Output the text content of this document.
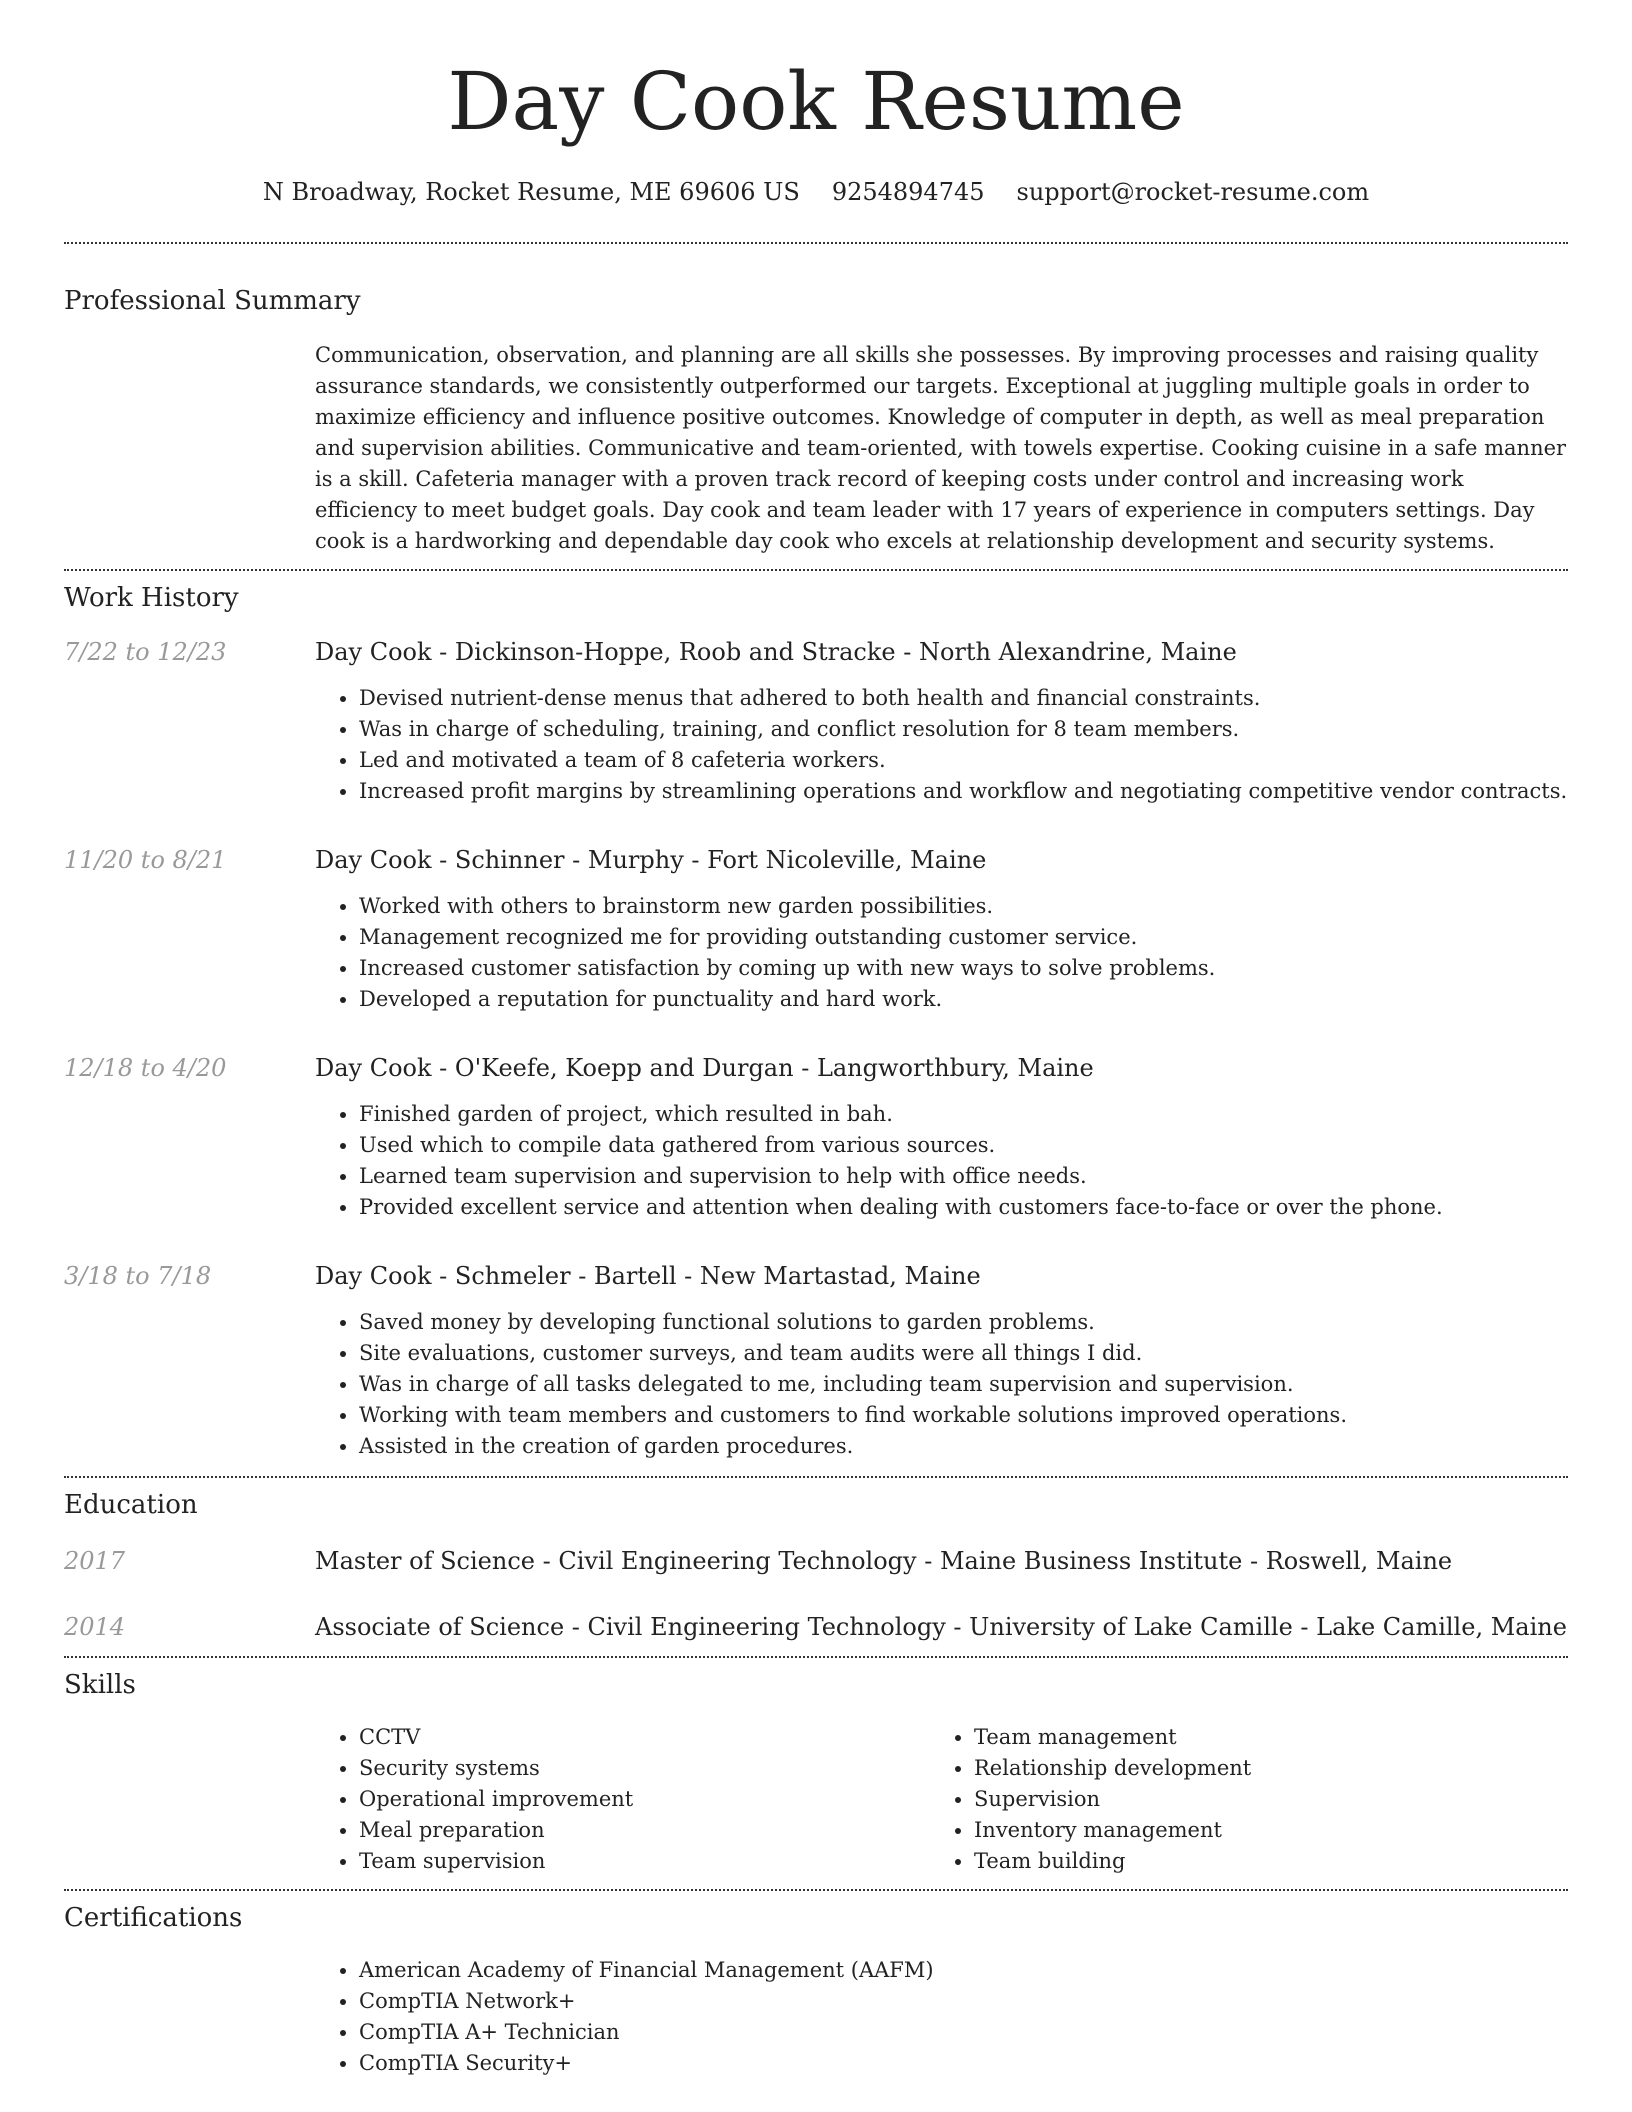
Day Cook Resume
N Broadway, Rocket Resume, ME 69606 US 9254894745 support@rocket-resume.com
Professional Summary

Communication, observation, and planning are all skills she possesses. By improving processes and raising quality assurance standards, we consistently outperformed our targets. Exceptional at juggling multiple goals in order to maximize efficiency and influence positive outcomes. Knowledge of computer in depth, as well as meal preparation and supervision abilities. Communicative and team-oriented, with towels expertise. Cooking cuisine in a safe manner is a skill. Cafeteria manager with a proven track record of keeping costs under control and increasing work efficiency to meet budget goals. Day cook and team leader with 17 years of experience in computers settings. Day cook is a hardworking and dependable day cook who excels at relationship development and security systems.

Work History
7/22 to 12/23	Day Cook - Dickinson-Hoppe, Roob and Stracke - North Alexandrine, Maine
• Devised nutrient-dense menus that adhered to both health and financial constraints.
• Was in charge of scheduling, training, and conflict resolution for 8 team members.
• Led and motivated a team of 8 cafeteria workers.
• Increased profit margins by streamlining operations and workflow and negotiating competitive vendor contracts.
11/20 to 8/21	Day Cook - Schinner - Murphy - Fort Nicoleville, Maine
• Worked with others to brainstorm new garden possibilities.
• Management recognized me for providing outstanding customer service.
• Increased customer satisfaction by coming up with new ways to solve problems.
• Developed a reputation for punctuality and hard work.
12/18 to 4/20	Day Cook - O'Keefe, Koepp and Durgan - Langworthbury, Maine
• Finished garden of project, which resulted in bah.
• Used which to compile data gathered from various sources.
• Learned team supervision and supervision to help with office needs.
• Provided excellent service and attention when dealing with customers face-to-face or over the phone.
3/18 to 7/18	Day Cook - Schmeler - Bartell - New Martastad, Maine
• Saved money by developing functional solutions to garden problems.
• Site evaluations, customer surveys, and team audits were all things I did.
• Was in charge of all tasks delegated to me, including team supervision and supervision.
• Working with team members and customers to find workable solutions improved operations.
• Assisted in the creation of garden procedures.
Education
2017	Master of Science - Civil Engineering Technology - Maine Business Institute - Roswell, Maine
2014	Associate of Science - Civil Engineering Technology - University of Lake Camille - Lake Camille, Maine
Skills
• CCTV
• Security systems
• Operational improvement
• Meal preparation
• Team supervision
• Team management
• Relationship development
• Supervision
• Inventory management
• Team building
Certifications
• American Academy of Financial Management (AAFM)
• CompTIA Network+
• CompTIA A+ Technician
• CompTIA Security+
